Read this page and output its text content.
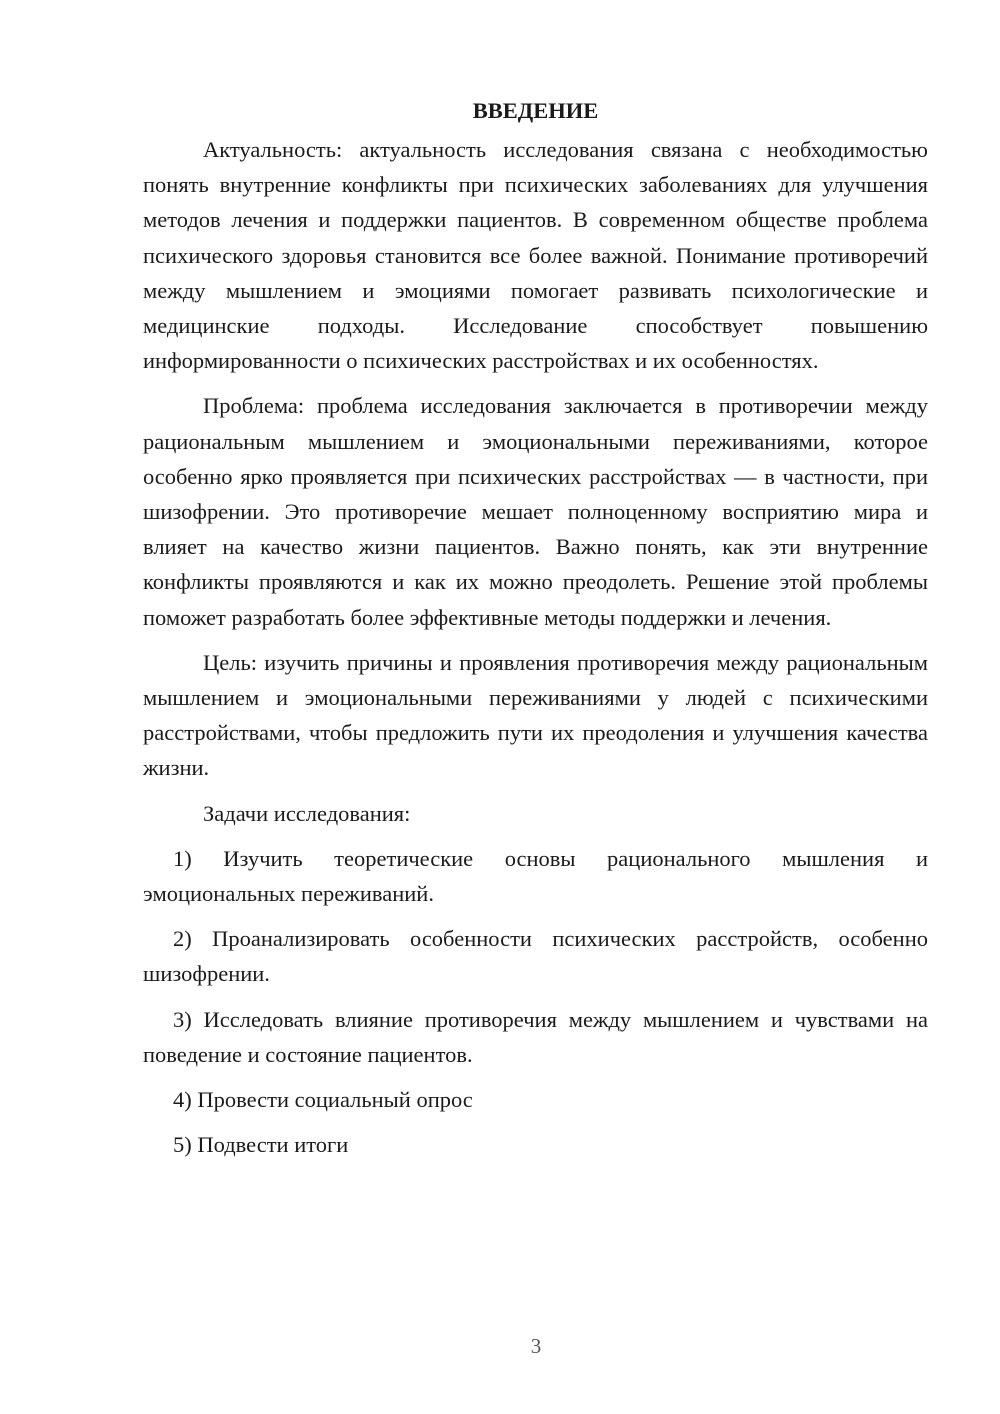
ВВЕДЕНИЕ

Актуальность: актуальность исследования связана с необходимостью понять внутренние конфликты при психических заболеваниях для улучшения методов лечения и поддержки пациентов. В современном обществе проблема психического здоровья становится все более важной. Понимание противоречий между мышлением и эмоциями помогает развивать психологические и медицинские подходы. Исследование способствует повышению информированности о психических расстройствах и их особенностях.

Проблема: проблема исследования заключается в противоречии между рациональным мышлением и эмоциональными переживаниями, которое особенно ярко проявляется при психических расстройствах — в частности, при шизофрении. Это противоречие мешает полноценному восприятию мира и влияет на качество жизни пациентов. Важно понять, как эти внутренние конфликты проявляются и как их можно преодолеть. Решение этой проблемы поможет разработать более эффективные методы поддержки и лечения.

Цель: изучить причины и проявления противоречия между рациональным мышлением и эмоциональными переживаниями у людей с психическими расстройствами, чтобы предложить пути их преодоления и улучшения качества жизни.

Задачи исследования:

1) Изучить теоретические основы рационального мышления и эмоциональных переживаний.

2) Проанализировать особенности психических расстройств, особенно шизофрении.

3) Исследовать влияние противоречия между мышлением и чувствами на поведение и состояние пациентов.

4) Провести социальный опрос

5) Подвести итоги

3
